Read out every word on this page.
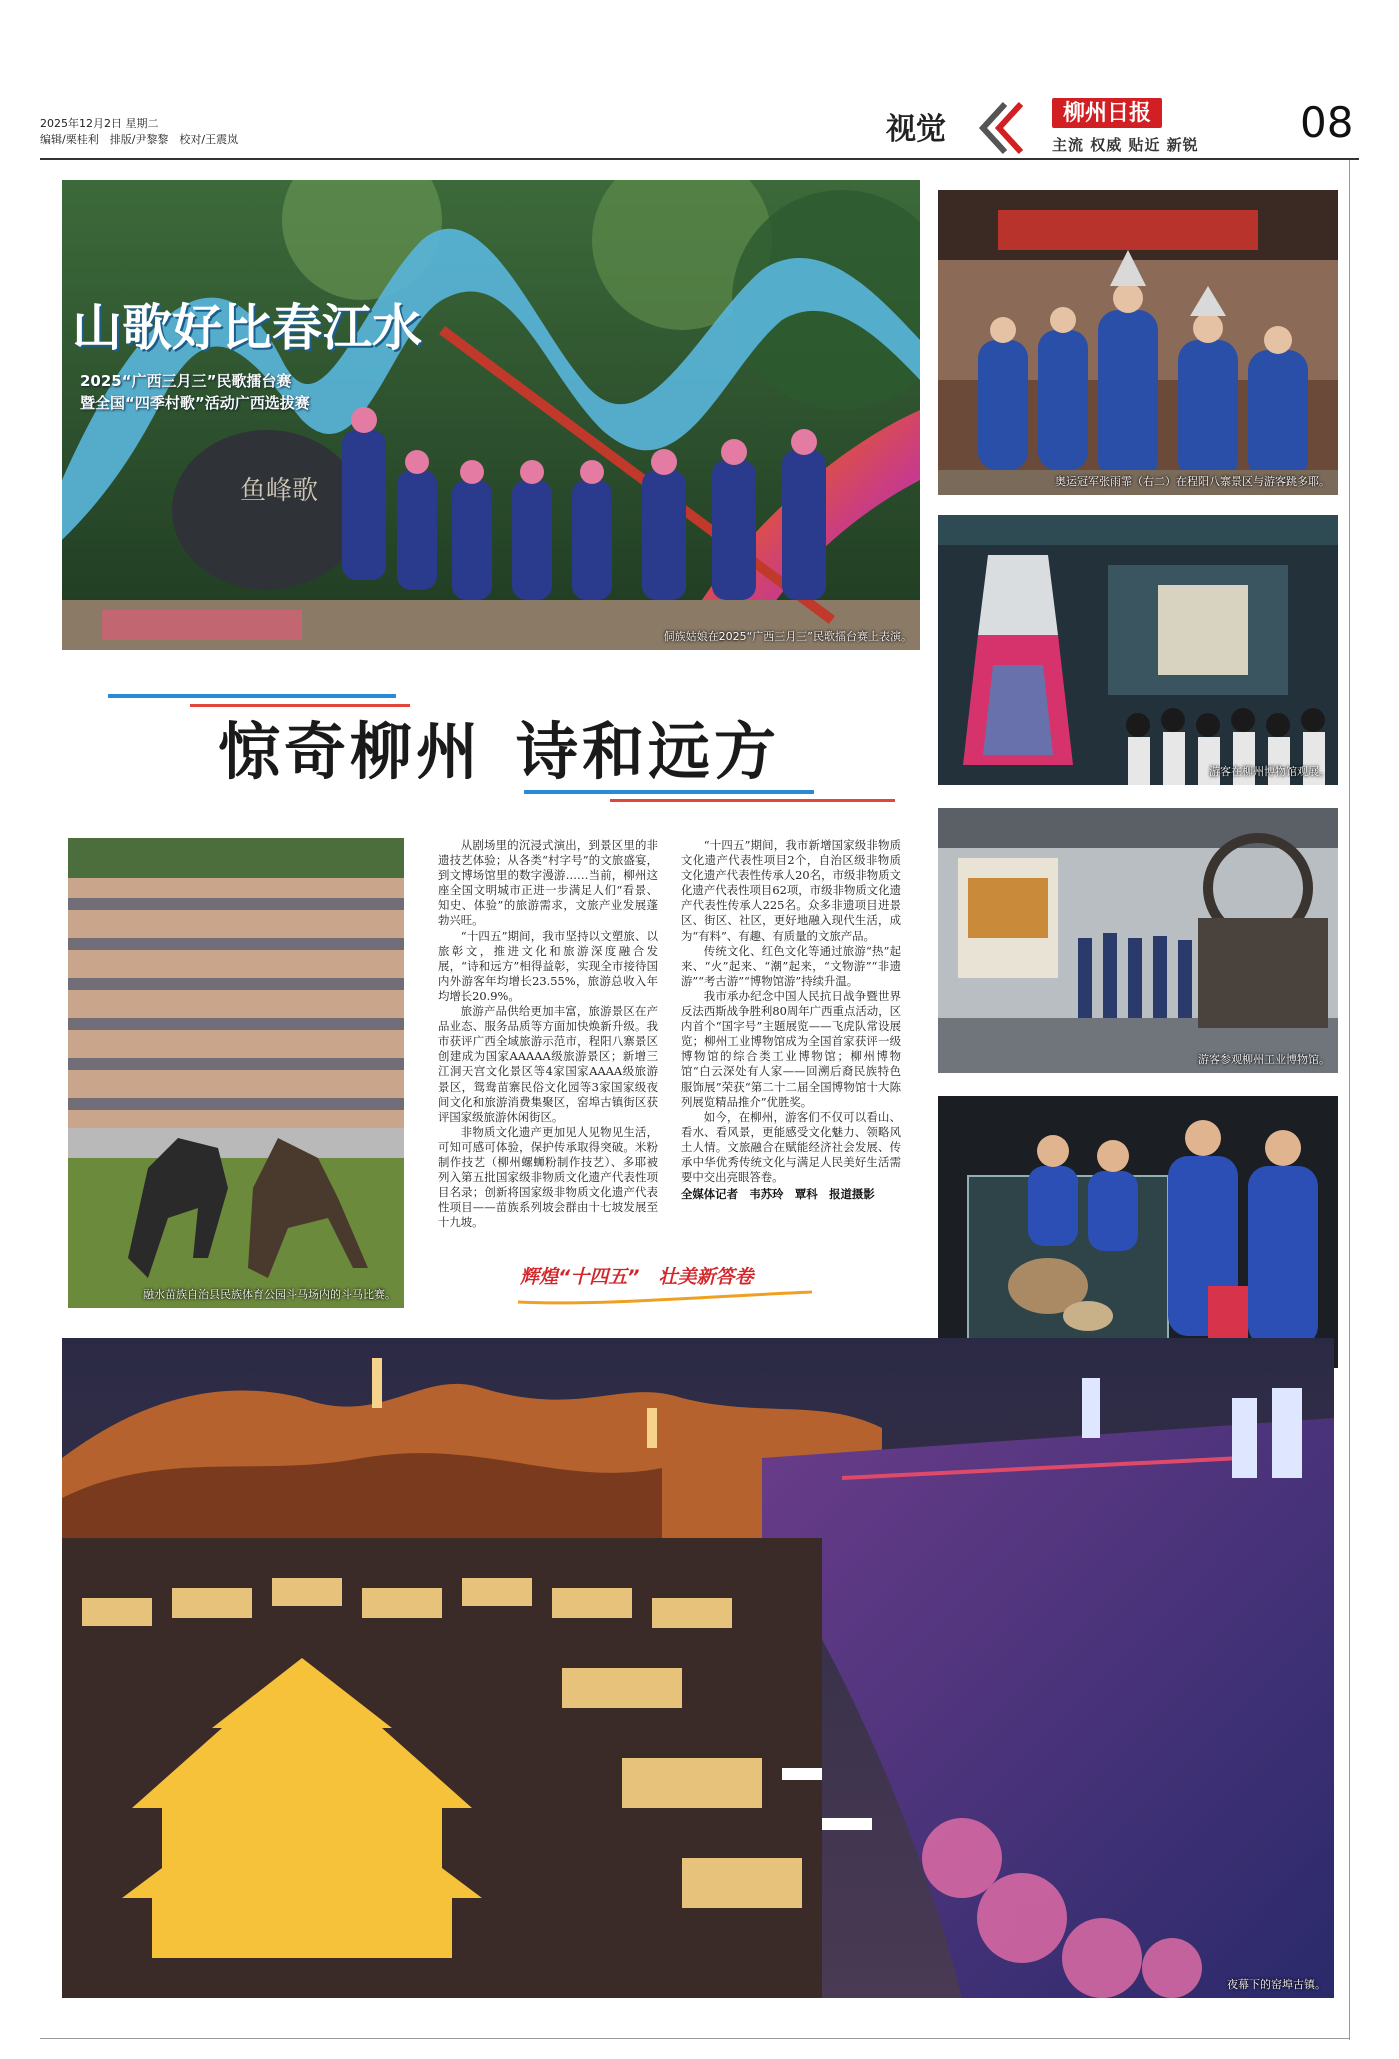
2025年12月2日 星期二
编辑/栗桂利　排版/尹黎黎　校对/王震岚	视觉	柳州日报
主流 权威 贴近 新锐 08
山歌好比春江水
2025“广西三月三”民歌擂台赛
暨全国“四季村歌”活动广西选拔赛
鱼峰歌
侗族姑娘在2025“广西三月三”民歌擂台赛上表演。
奥运冠军张雨霏（右二）在程阳八寨景区与游客跳多耶。
游客在柳州博物馆观展。
游客参观柳州工业博物馆。
惊奇柳州 诗和远方
融水苗族自治县民族体育公园斗马场内的斗马比赛。

从剧场里的沉浸式演出，到景区里的非遗技艺体验；从各类“村字号”的文旅盛宴，到文博场馆里的数字漫游……当前，柳州这座全国文明城市正进一步满足人们“看景、知史、体验”的旅游需求，文旅产业发展蓬勃兴旺。

“十四五”期间，我市坚持以文塑旅、以旅彰文，推进文化和旅游深度融合发展，“诗和远方”相得益彰，实现全市接待国内外游客年均增长23.55%，旅游总收入年均增长20.9%。

旅游产品供给更加丰富，旅游景区在产品业态、服务品质等方面加快焕新升级。我市获评广西全域旅游示范市，程阳八寨景区创建成为国家AAAAA级旅游景区；新增三江洞天宫文化景区等4家国家AAAA级旅游景区，鸳鸯苗寨民俗文化园等3家国家级夜间文化和旅游消费集聚区，窑埠古镇街区获评国家级旅游休闲街区。

非物质文化遗产更加见人见物见生活，可知可感可体验，保护传承取得突破。米粉制作技艺（柳州螺蛳粉制作技艺）、多耶被列入第五批国家级非物质文化遗产代表性项目名录；创新将国家级非物质文化遗产代表性项目——苗族系列坡会群由十七坡发展至十九坡。

“十四五”期间，我市新增国家级非物质文化遗产代表性项目2个，自治区级非物质文化遗产代表性传承人20名，市级非物质文化遗产代表性项目62项，市级非物质文化遗产代表性传承人225名。众多非遗项目进景区、街区、社区，更好地融入现代生活，成为“有料”、有趣、有质量的文旅产品。

传统文化、红色文化等通过旅游“热”起来、“火”起来、“潮”起来，“文物游”“非遗游”“考古游”“博物馆游”持续升温。

我市承办纪念中国人民抗日战争暨世界反法西斯战争胜利80周年广西重点活动，区内首个“国字号”主题展览——飞虎队常设展览；柳州工业博物馆成为全国首家获评一级博物馆的综合类工业博物馆；柳州博物馆“白云深处有人家——回溯后裔民族特色服饰展”荣获“第二十二届全国博物馆十大陈列展览精品推介”优胜奖。

如今，在柳州，游客们不仅可以看山、看水、看风景，更能感受文化魅力、领略风土人情。文旅融合在赋能经济社会发展、传承中华优秀传统文化与满足人民美好生活需要中交出亮眼答卷。

全媒体记者　韦苏玲　覃科　报道摄影
辉煌“十四五”　壮美新答卷
夜幕下的窑埠古镇。
